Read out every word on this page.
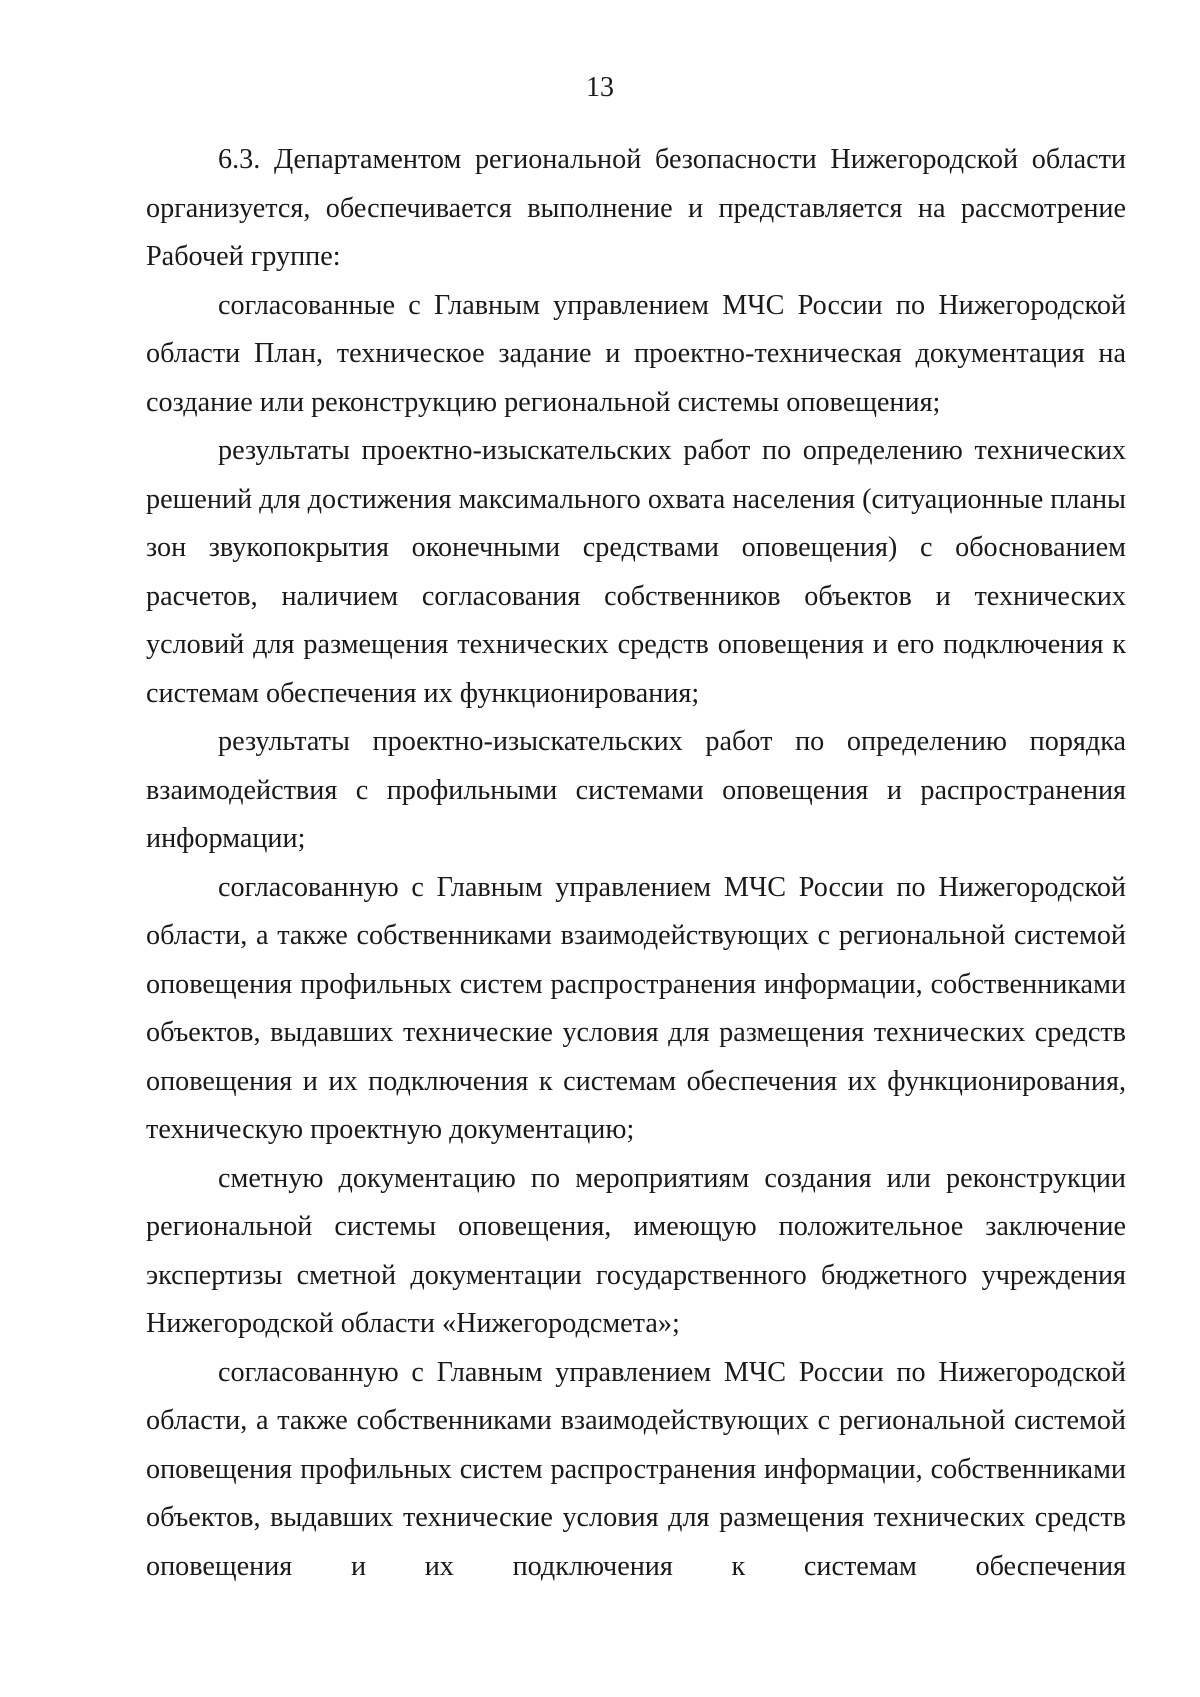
13

6.3. Департаментом региональной безопасности Нижегородской области организуется, обеспечивается выполнение и представляется на рассмотрение Рабочей группе:

согласованные с Главным управлением МЧС России по Нижегородской области План, техническое задание и проектно-техническая документация на создание или реконструкцию региональной системы оповещения;

результаты проектно-изыскательских работ по определению технических решений для достижения максимального охвата населения (ситуационные планы зон звукопокрытия оконечными средствами оповещения) с обоснованием расчетов, наличием согласования собственников объектов и технических условий для размещения технических средств оповещения и его подключения к системам обеспечения их функционирования;

результаты проектно-изыскательских работ по определению порядка взаимодействия с профильными системами оповещения и распространения информации;

согласованную с Главным управлением МЧС России по Нижегородской области, а также собственниками взаимодействующих с региональной системой оповещения профильных систем распространения информации, собственниками объектов, выдавших технические условия для размещения технических средств оповещения и их подключения к системам обеспечения их функционирования, техническую проектную документацию;

сметную документацию по мероприятиям создания или реконструкции региональной системы оповещения, имеющую положительное заключение экспертизы сметной документации государственного бюджетного учреждения Нижегородской области «Нижегородсмета»;

согласованную с Главным управлением МЧС России по Нижегородской области, а также собственниками взаимодействующих с региональной системой оповещения профильных систем распространения информации, собственниками объектов, выдавших технические условия для размещения технических средств оповещения и их подключения к системам обеспечения
